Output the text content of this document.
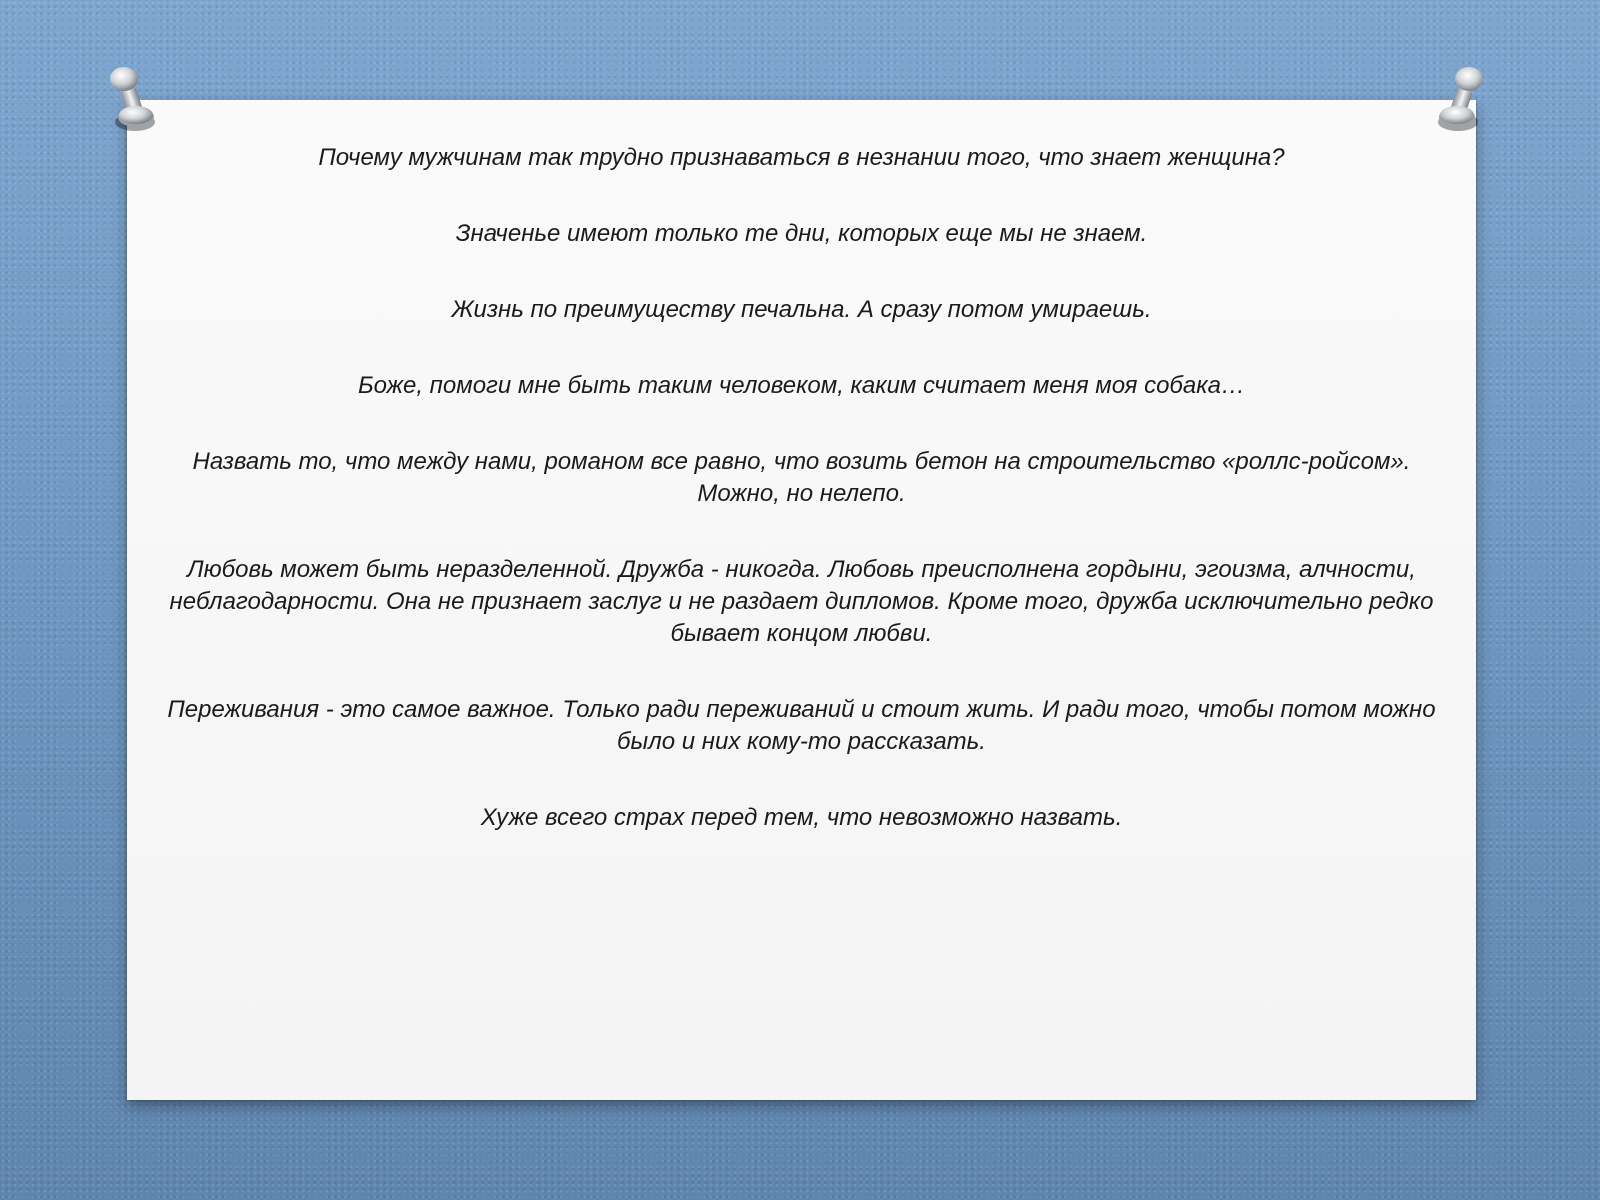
Почему мужчинам так трудно признаваться в незнании того, что знает женщина?
Значенье имеют только те дни, которых еще мы не знаем.
Жизнь по преимуществу печальна. А сразу потом умираешь.
Боже, помоги мне быть таким человеком, каким считает меня моя собака…
Назвать то, что между нами, романом все равно, что возить бетон на строительство «роллс-ройсом». Можно, но нелепо.
Любовь может быть неразделенной. Дружба - никогда. Любовь преисполнена гордыни, эгоизма, алчности, неблагодарности. Она не признает заслуг и не раздает дипломов. Кроме того, дружба исключительно редко бывает концом любви.
Переживания - это самое важное. Только ради переживаний и стоит жить. И ради того, чтобы потом можно было и них кому-то рассказать.
Хуже всего страх перед тем, что невозможно назвать.
